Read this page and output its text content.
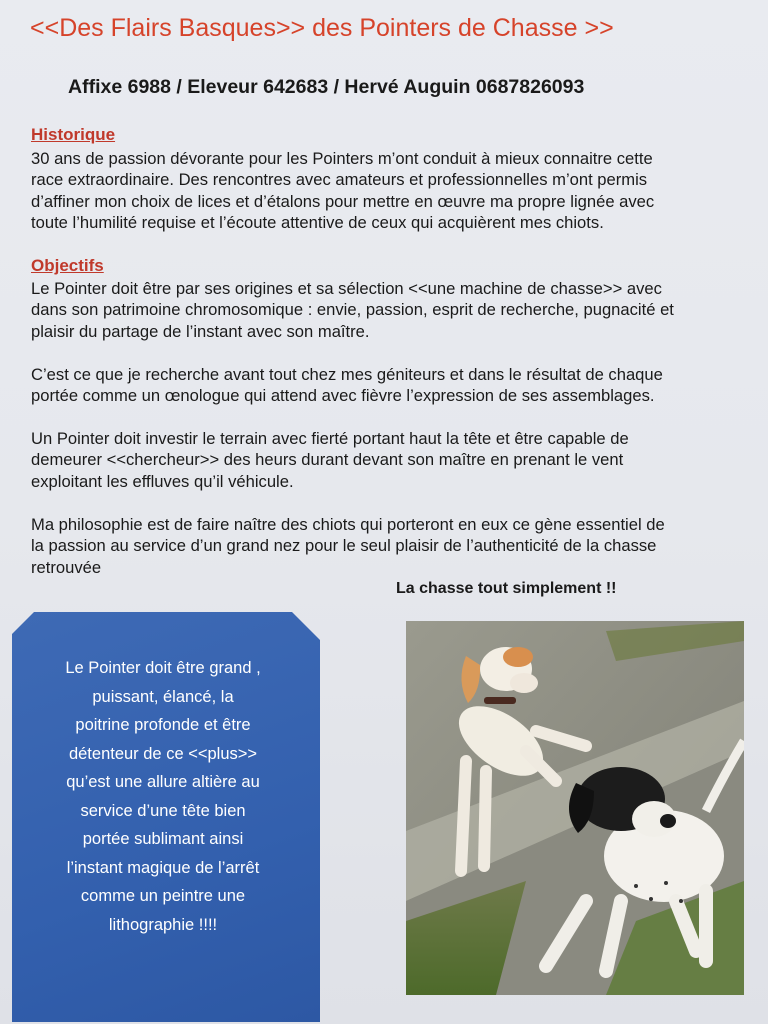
<<Des Flairs Basques>> des Pointers de Chasse >>
Affixe 6988 / Eleveur 642683 / Hervé Auguin 0687826093
Historique
30 ans de passion dévorante pour les Pointers m’ont conduit à mieux connaitre cette
race extraordinaire. Des rencontres avec amateurs et professionnelles m’ont permis
d’affiner mon choix de lices et d’étalons pour mettre en œuvre ma propre lignée avec
toute l’humilité requise et l’écoute attentive de ceux qui acquièrent mes chiots.
Objectifs
Le Pointer doit être par ses origines et sa sélection <<une machine de chasse>> avec
dans son patrimoine chromosomique : envie, passion, esprit de recherche, pugnacité et
plaisir du partage de l’instant avec son maître.
C’est ce que je recherche avant tout chez mes géniteurs et dans le résultat de chaque
portée comme un œnologue qui attend avec fièvre l’expression de ses assemblages.
Un Pointer doit investir le terrain avec fierté portant haut la tête et être capable de
demeurer <<chercheur>> des heurs durant devant son maître en prenant le vent
exploitant les effluves qu’il véhicule.
Ma philosophie est de faire naître des chiots qui porteront en eux ce gène essentiel de
la passion au service d’un grand nez pour le seul plaisir de l’authenticité de la chasse
retrouvée
La chasse tout simplement !!
Le Pointer doit être grand ,
puissant, élancé, la
poitrine profonde et être
détenteur de ce <<plus>>
qu’est une allure altière au
service d’une tête bien
portée sublimant ainsi
l’instant magique de l’arrêt
comme un peintre une
lithographie !!!!
